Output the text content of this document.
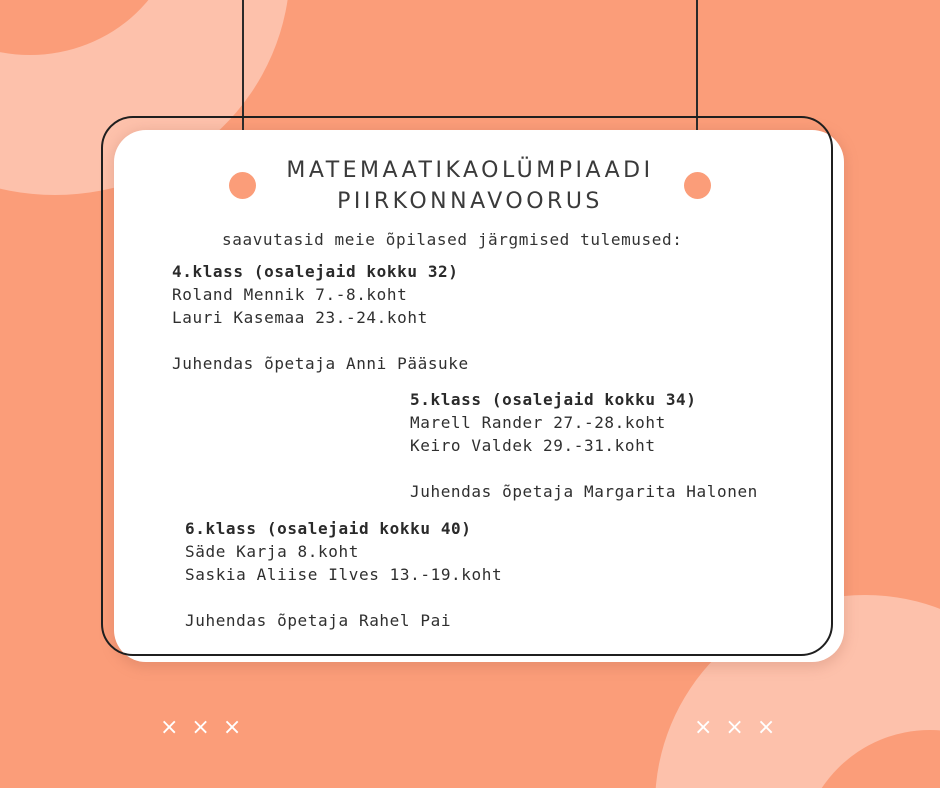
MATEMAATIKAOLÜMPIAADI
PIIRKONNAVOORUS
saavutasid meie õpilased järgmised tulemused:
4.klass (osalejaid kokku 32)
Roland Mennik 7.-8.koht
Lauri Kasemaa 23.-24.koht
Juhendas õpetaja Anni Pääsuke
5.klass (osalejaid kokku 34)
Marell Rander 27.-28.koht
Keiro Valdek 29.-31.koht
Juhendas õpetaja Margarita Halonen
6.klass (osalejaid kokku 40)
Säde Karja 8.koht
Saskia Aliise Ilves 13.-19.koht
Juhendas õpetaja Rahel Pai
×××	×××
